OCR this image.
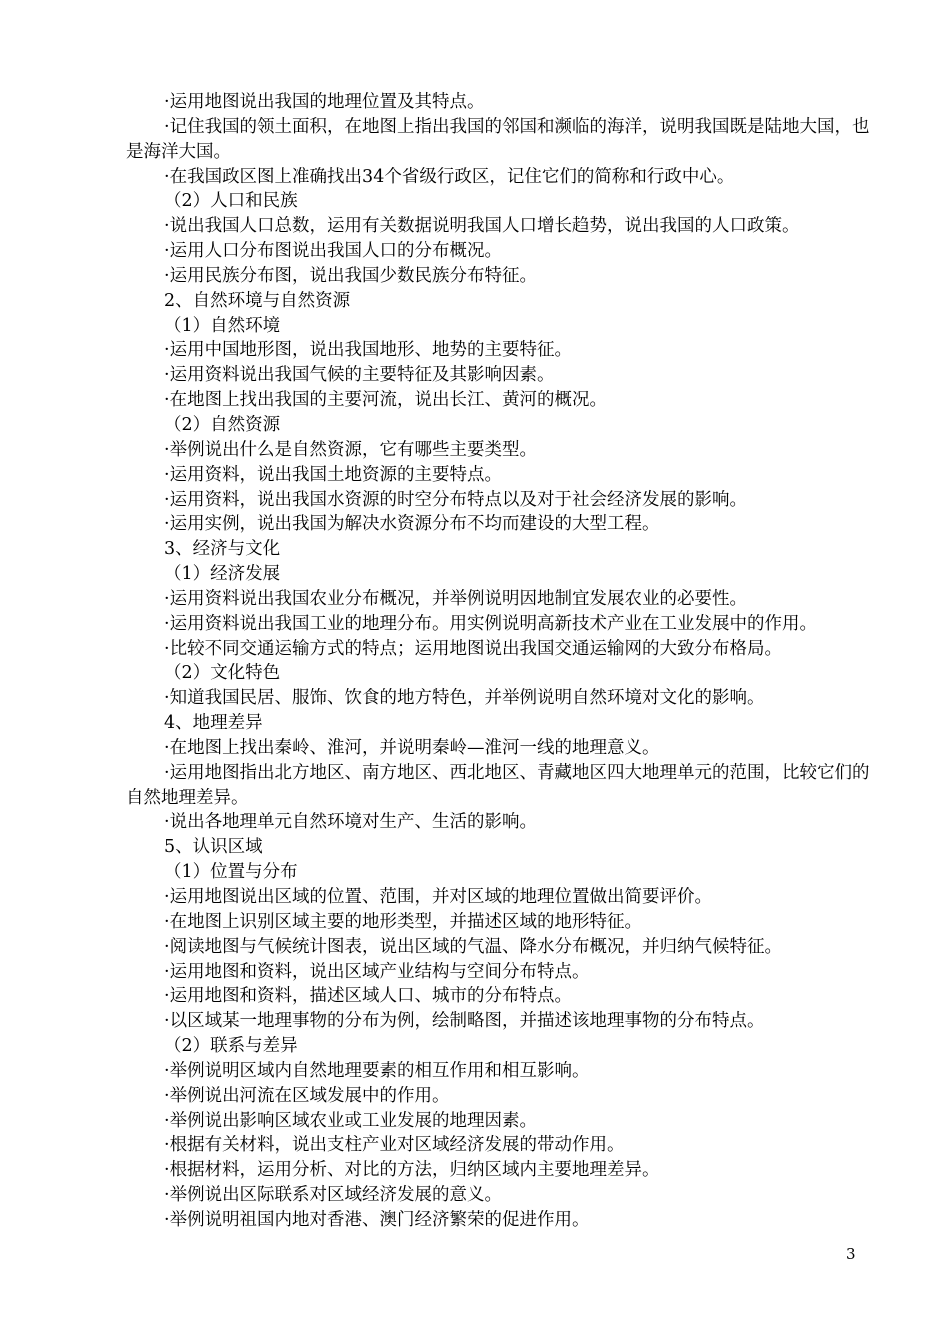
·运用地图说出我国的地理位置及其特点。

·记住我国的领土面积，在地图上指出我国的邻国和濒临的海洋，说明我国既是陆地大国，也是海洋大国。

·在我国政区图上准确找出34个省级行政区，记住它们的简称和行政中心。

（2）人口和民族

·说出我国人口总数，运用有关数据说明我国人口增长趋势，说出我国的人口政策。

·运用人口分布图说出我国人口的分布概况。

·运用民族分布图，说出我国少数民族分布特征。

2、自然环境与自然资源

（1）自然环境

·运用中国地形图，说出我国地形、地势的主要特征。

·运用资料说出我国气候的主要特征及其影响因素。

·在地图上找出我国的主要河流，说出长江、黄河的概况。

（2）自然资源

·举例说出什么是自然资源，它有哪些主要类型。

·运用资料，说出我国土地资源的主要特点。

·运用资料，说出我国水资源的时空分布特点以及对于社会经济发展的影响。

·运用实例，说出我国为解决水资源分布不均而建设的大型工程。

3、经济与文化

（1）经济发展

·运用资料说出我国农业分布概况，并举例说明因地制宜发展农业的必要性。

·运用资料说出我国工业的地理分布。用实例说明高新技术产业在工业发展中的作用。

·比较不同交通运输方式的特点；运用地图说出我国交通运输网的大致分布格局。

（2）文化特色

·知道我国民居、服饰、饮食的地方特色，并举例说明自然环境对文化的影响。

4、地理差异

·在地图上找出秦岭、淮河，并说明秦岭—淮河一线的地理意义。

·运用地图指出北方地区、南方地区、西北地区、青藏地区四大地理单元的范围，比较它们的自然地理差异。

·说出各地理单元自然环境对生产、生活的影响。

5、认识区域

（1）位置与分布

·运用地图说出区域的位置、范围，并对区域的地理位置做出简要评价。

·在地图上识别区域主要的地形类型，并描述区域的地形特征。

·阅读地图与气候统计图表，说出区域的气温、降水分布概况，并归纳气候特征。

·运用地图和资料，说出区域产业结构与空间分布特点。

·运用地图和资料，描述区域人口、城市的分布特点。

·以区域某一地理事物的分布为例，绘制略图，并描述该地理事物的分布特点。

（2）联系与差异

·举例说明区域内自然地理要素的相互作用和相互影响。

·举例说出河流在区域发展中的作用。

·举例说出影响区域农业或工业发展的地理因素。

·根据有关材料，说出支柱产业对区域经济发展的带动作用。

·根据材料，运用分析、对比的方法，归纳区域内主要地理差异。

·举例说出区际联系对区域经济发展的意义。

·举例说明祖国内地对香港、澳门经济繁荣的促进作用。

3
